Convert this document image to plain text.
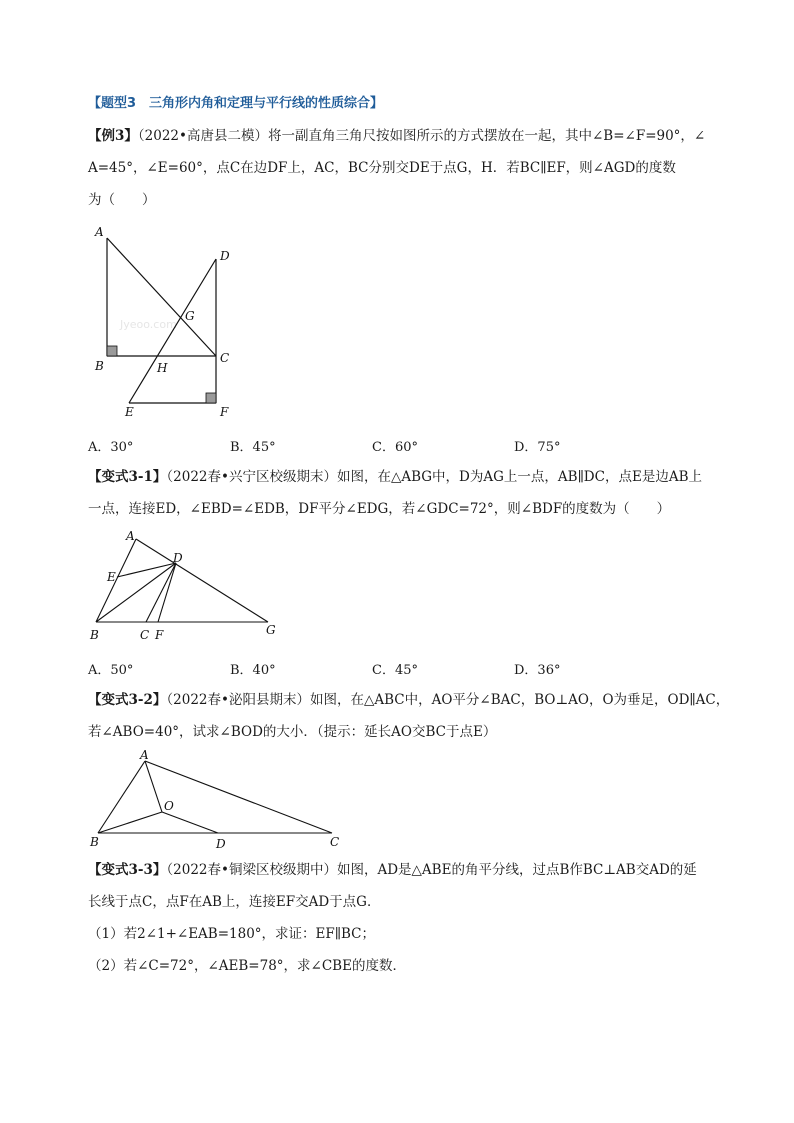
【题型3　三角形内角和定理与平行线的性质综合】
【例3】（2022•高唐县二模）将一副直角三角尺按如图所示的方式摆放在一起，其中∠B=∠F=90°，∠
A=45°，∠E=60°，点C在边DF上，AC，BC分别交DE于点G，H．若BC∥EF，则∠AGD的度数
为（　　）
Jyeoo.com
A
D
G
B	H
C
E	F
A．30°	B．45°	C．60°	D．75°
【变式3-1】（2022春•兴宁区校级期末）如图，在△ABG中，D为AG上一点，AB∥DC，点E是边AB上
一点，连接ED，∠EBD=∠EDB，DF平分∠EDG，若∠GDC=72°，则∠BDF的度数为（　　）
A
D
E
B	C F	G
A．50°	B．40°	C．45°	D．36°
【变式3-2】（2022春•泌阳县期末）如图，在△ABC中，AO平分∠BAC，BO⊥AO，O为垂足，OD∥AC，
若∠ABO=40°，试求∠BOD的大小．（提示：延长AO交BC于点E）
A
O
B	D	C
【变式3-3】（2022春•铜梁区校级期中）如图，AD是△ABE的角平分线，过点B作BC⊥AB交AD的延
长线于点C，点F在AB上，连接EF交AD于点G．
（1）若2∠1+∠EAB=180°，求证：EF∥BC；
（2）若∠C=72°，∠AEB=78°，求∠CBE的度数．
